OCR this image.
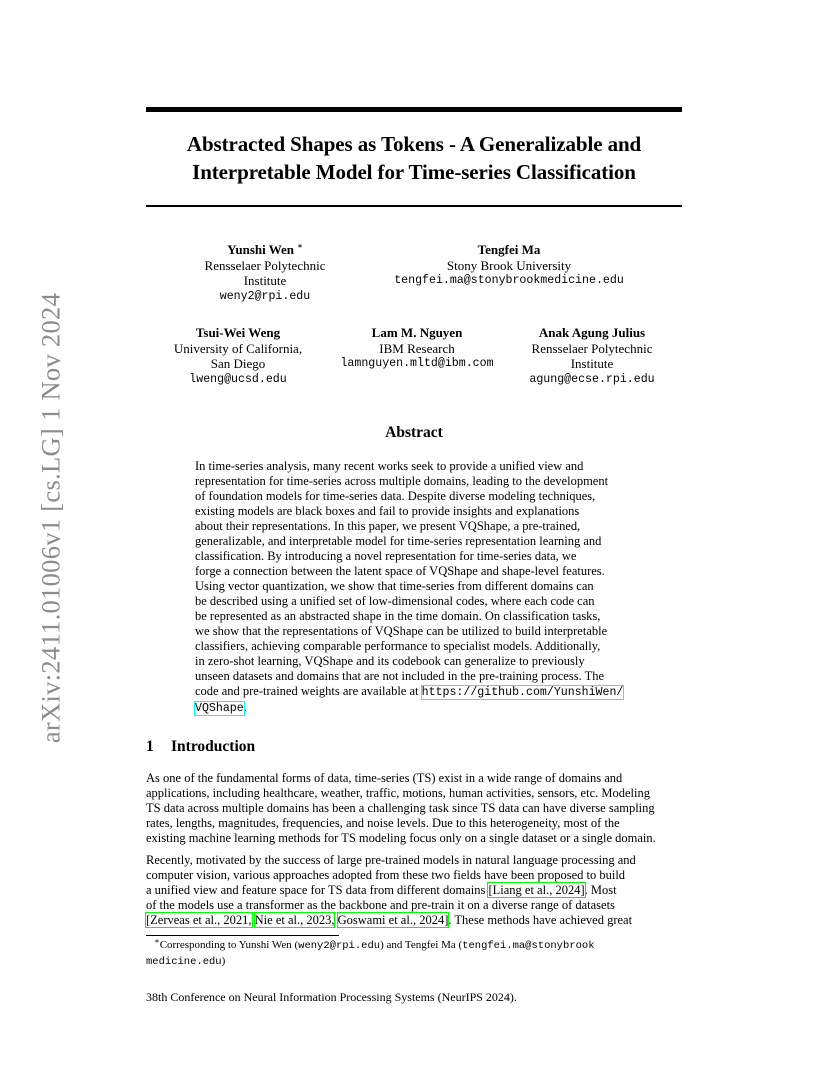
arXiv:2411.01006v1 [cs.LG] 1 Nov 2024
Abstracted Shapes as Tokens - A Generalizable and
Interpretable Model for Time-series Classification
Yunshi Wen ∗
Rensselaer Polytechnic
Institute
weny2@rpi.edu
Tengfei Ma
Stony Brook University
tengfei.ma@stonybrookmedicine.edu
Tsui-Wei Weng
University of California,
San Diego
lweng@ucsd.edu
Lam M. Nguyen
IBM Research
lamnguyen.mltd@ibm.com
Anak Agung Julius
Rensselaer Polytechnic
Institute
agung@ecse.rpi.edu
Abstract
In time-series analysis, many recent works seek to provide a unified view and
representation for time-series across multiple domains, leading to the development
of foundation models for time-series data. Despite diverse modeling techniques,
existing models are black boxes and fail to provide insights and explanations
about their representations. In this paper, we present VQShape, a pre-trained,
generalizable, and interpretable model for time-series representation learning and
classification. By introducing a novel representation for time-series data, we
forge a connection between the latent space of VQShape and shape-level features.
Using vector quantization, we show that time-series from different domains can
be described using a unified set of low-dimensional codes, where each code can
be represented as an abstracted shape in the time domain. On classification tasks,
we show that the representations of VQShape can be utilized to build interpretable
classifiers, achieving comparable performance to specialist models. Additionally,
in zero-shot learning, VQShape and its codebook can generalize to previously
unseen datasets and domains that are not included in the pre-training process. The
code and pre-trained weights are available at https://github.com/YunshiWen/
VQShape.
1 Introduction
As one of the fundamental forms of data, time-series (TS) exist in a wide range of domains and
applications, including healthcare, weather, traffic, motions, human activities, sensors, etc. Modeling
TS data across multiple domains has been a challenging task since TS data can have diverse sampling
rates, lengths, magnitudes, frequencies, and noise levels. Due to this heterogeneity, most of the
existing machine learning methods for TS modeling focus only on a single dataset or a single domain.
Recently, motivated by the success of large pre-trained models in natural language processing and
computer vision, various approaches adopted from these two fields have been proposed to build
a unified view and feature space for TS data from different domains [Liang et al., 2024]. Most
of the models use a transformer as the backbone and pre-train it on a diverse range of datasets
[Zerveas et al., 2021, Nie et al., 2023, Goswami et al., 2024]. These methods have achieved great
∗Corresponding to Yunshi Wen (weny2@rpi.edu) and Tengfei Ma (tengfei.ma@stonybrook
medicine.edu)
38th Conference on Neural Information Processing Systems (NeurIPS 2024).
